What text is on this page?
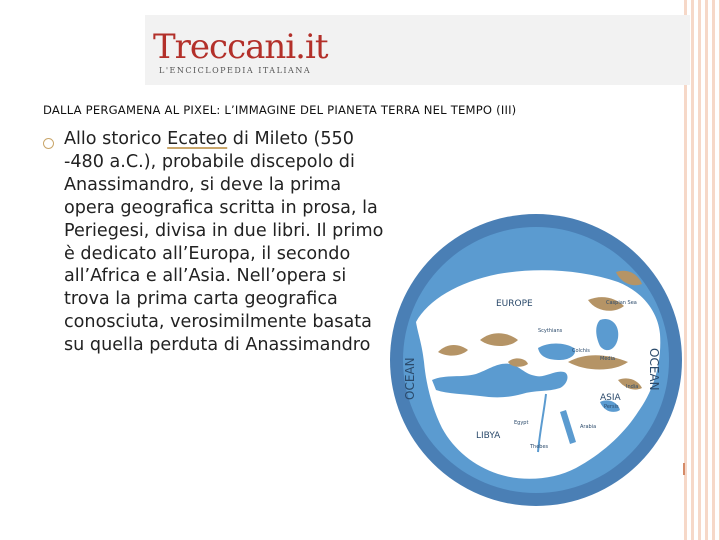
Treccani.it
L'ENCICLOPEDIA ITALIANA
DALLA PERGAMENA AL PIXEL: L’IMMAGINE DEL PIANETA TERRA NEL TEMPO (III)
Allo storico Ecateo di Mileto (550 -480 a.C.), probabile discepolo di Anassimandro, si deve la prima opera geografica scritta in prosa, la Periegesi, divisa in due libri. Il primo è dedicato all’Europa, il secondo all’Africa e all’Asia. Nell’opera si trova la prima carta geografica conosciuta, verosimilmente basata su quella perduta di Anassimandro
EUROPE
ASIA
LIBYA
OCEAN	OCEAN
Caspian Sea
Scythians
Media
Persis
India
Egypt
Thebes
Colchis
Arabia
